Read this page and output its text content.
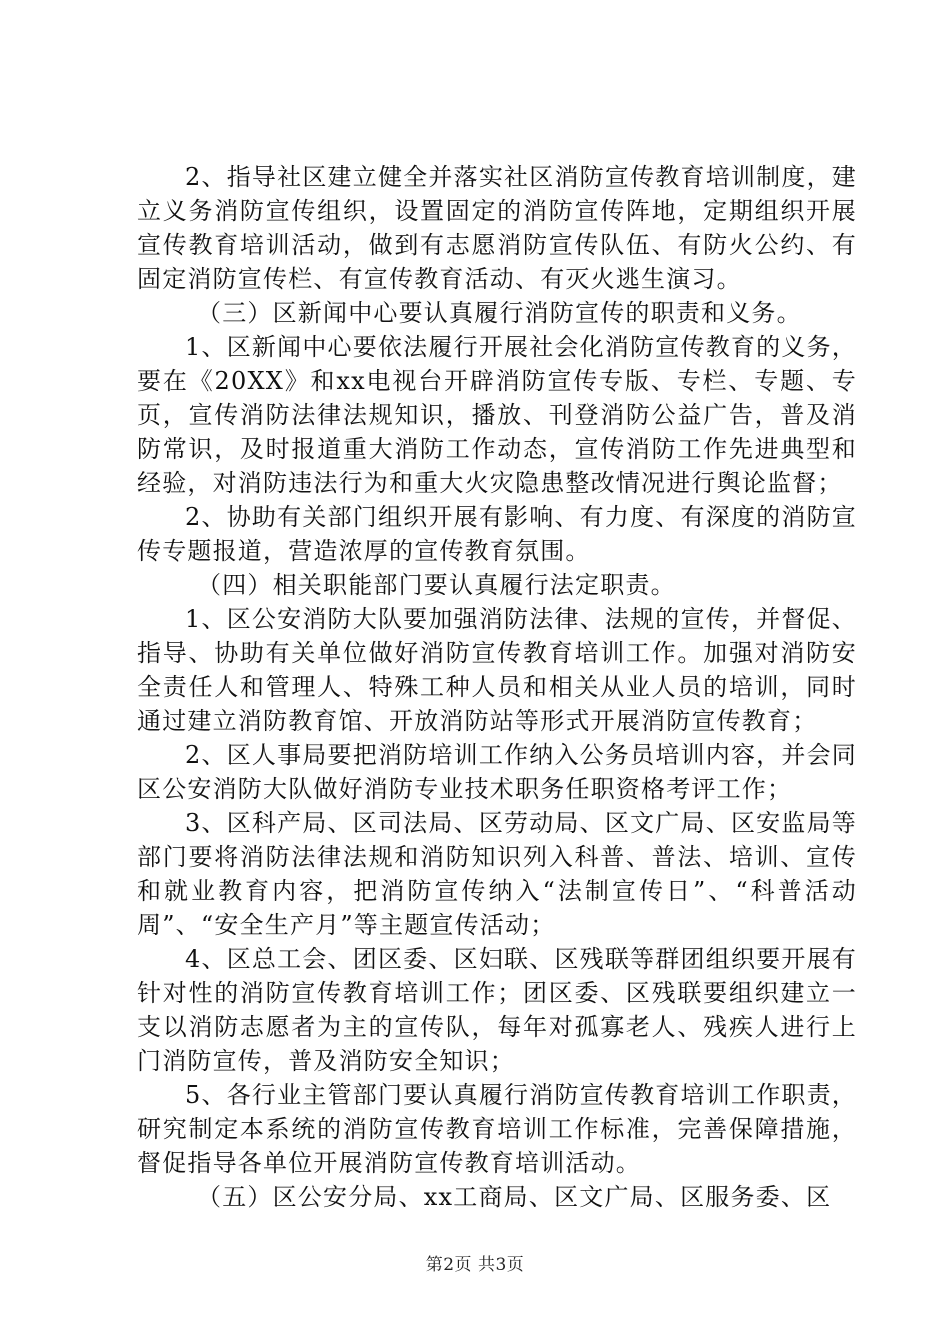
2、指导社区建立健全并落实社区消防宣传教育培训制度，建立义务消防宣传组织，设置固定的消防宣传阵地，定期组织开展宣传教育培训活动，做到有志愿消防宣传队伍、有防火公约、有固定消防宣传栏、有宣传教育活动、有灭火逃生演习。

（三）区新闻中心要认真履行消防宣传的职责和义务。

1、区新闻中心要依法履行开展社会化消防宣传教育的义务，要在《20XX》和xx电视台开辟消防宣传专版、专栏、专题、专页，宣传消防法律法规知识，播放、刊登消防公益广告，普及消防常识，及时报道重大消防工作动态，宣传消防工作先进典型和经验，对消防违法行为和重大火灾隐患整改情况进行舆论监督；

2、协助有关部门组织开展有影响、有力度、有深度的消防宣传专题报道，营造浓厚的宣传教育氛围。

（四）相关职能部门要认真履行法定职责。

1、区公安消防大队要加强消防法律、法规的宣传，并督促、指导、协助有关单位做好消防宣传教育培训工作。加强对消防安全责任人和管理人、特殊工种人员和相关从业人员的培训，同时通过建立消防教育馆、开放消防站等形式开展消防宣传教育；

2、区人事局要把消防培训工作纳入公务员培训内容，并会同区公安消防大队做好消防专业技术职务任职资格考评工作；

3、区科产局、区司法局、区劳动局、区文广局、区安监局等部门要将消防法律法规和消防知识列入科普、普法、培训、宣传和就业教育内容，把消防宣传纳入“法制宣传日”、“科普活动周”、“安全生产月”等主题宣传活动；

4、区总工会、团区委、区妇联、区残联等群团组织要开展有针对性的消防宣传教育培训工作；团区委、区残联要组织建立一支以消防志愿者为主的宣传队，每年对孤寡老人、残疾人进行上门消防宣传，普及消防安全知识；

5、各行业主管部门要认真履行消防宣传教育培训工作职责，研究制定本系统的消防宣传教育培训工作标准，完善保障措施，督促指导各单位开展消防宣传教育培训活动。

（五）区公安分局、xx工商局、区文广局、区服务委、区

第2页 共3页
